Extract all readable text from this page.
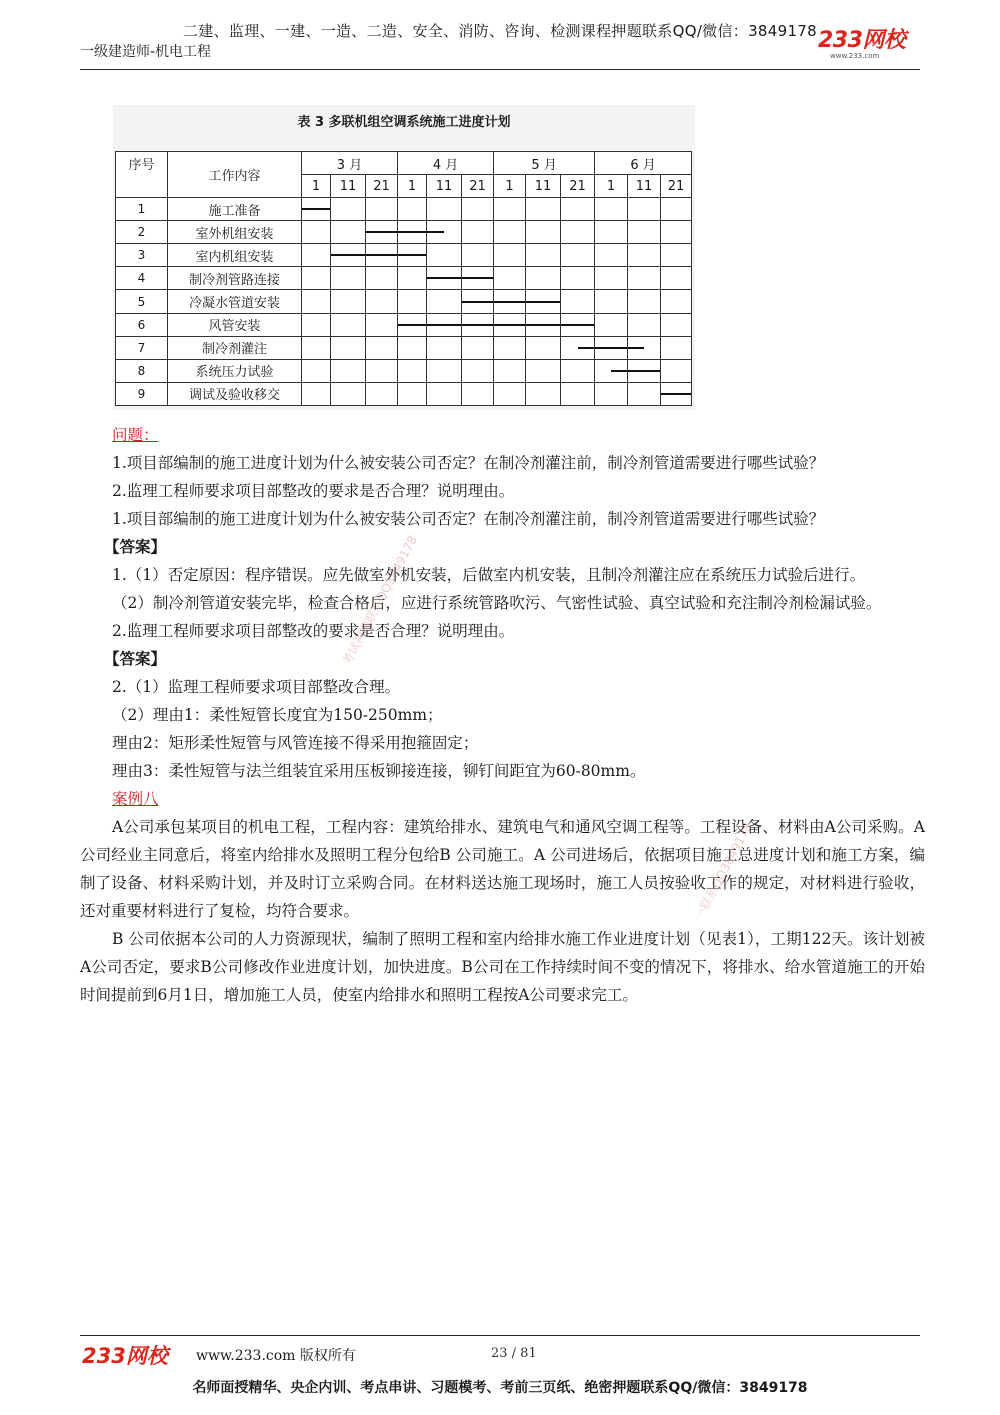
二建、监理、一建、一造、二造、安全、消防、咨询、检测课程押题联系QQ/微信：3849178
一级建造师-机电工程	233网校
www.233.com
表 3 多联机组空调系统施工进度计划
序号	工作内容	3 月			4 月			5 月			6 月		
		1	11	21	1	11	21	1	11	21	1	11	21
1	施工准备	

2	室外机组安装			

3	室内机组安装		

4	制冷剂管路连接					

5	冷凝水管道安装						

6	风管安装				

7	制冷剂灌注									

8	系统压力试验										

9	调试及验收移交												

问题：

1.项目部编制的施工进度计划为什么被安装公司否定？在制冷剂灌注前，制冷剂管道需要进行哪些试验？

2.监理工程师要求项目部整改的要求是否合理？说明理由。

1.项目部编制的施工进度计划为什么被安装公司否定？在制冷剂灌注前，制冷剂管道需要进行哪些试验？

【答案】

1.（1）否定原因：程序错误。应先做室外机安装，后做室内机安装，且制冷剂灌注应在系统压力试验后进行。

（2）制冷剂管道安装完毕，检查合格后，应进行系统管路吹污、气密性试验、真空试验和充注制冷剂检漏试验。

2.监理工程师要求项目部整改的要求是否合理？说明理由。

【答案】

2.（1）监理工程师要求项目部整改合理。

（2）理由1：柔性短管长度宜为150-250mm；

理由2：矩形柔性短管与风管连接不得采用抱箍固定；

理由3：柔性短管与法兰组装宜采用压板铆接连接，铆钉间距宜为60-80mm。

案例八

A公司承包某项目的机电工程，工程内容：建筑给排水、建筑电气和通风空调工程等。工程设备、材料由A公司采购。A公司经业主同意后，将室内给排水及照明工程分包给B 公司施工。A 公司进场后，依据项目施工总进度计划和施工方案，编制了设备、材料采购计划，并及时订立采购合同。在材料送达施工现场时，施工人员按验收工作的规定，对材料进行验收，还对重要材料进行了复检，均符合要求。

B 公司依据本公司的人力资源现状，编制了照明工程和室内给排水施工作业进度计划（见表1），工期122天。该计划被A公司否定，要求B公司修改作业进度计划，加快进度。B公司在工作持续时间不变的情况下，将排水、给水管道施工的开始时间提前到6月1日，增加施工人员，使室内给排水和照明工程按A公司要求完工。

考试押题联系QQ3849178
一联系QQ3849178
233网校 www.233.com 版权所有	23 / 81
名师面授精华、央企内训、考点串讲、习题模考、考前三页纸、绝密押题联系QQ/微信：3849178
